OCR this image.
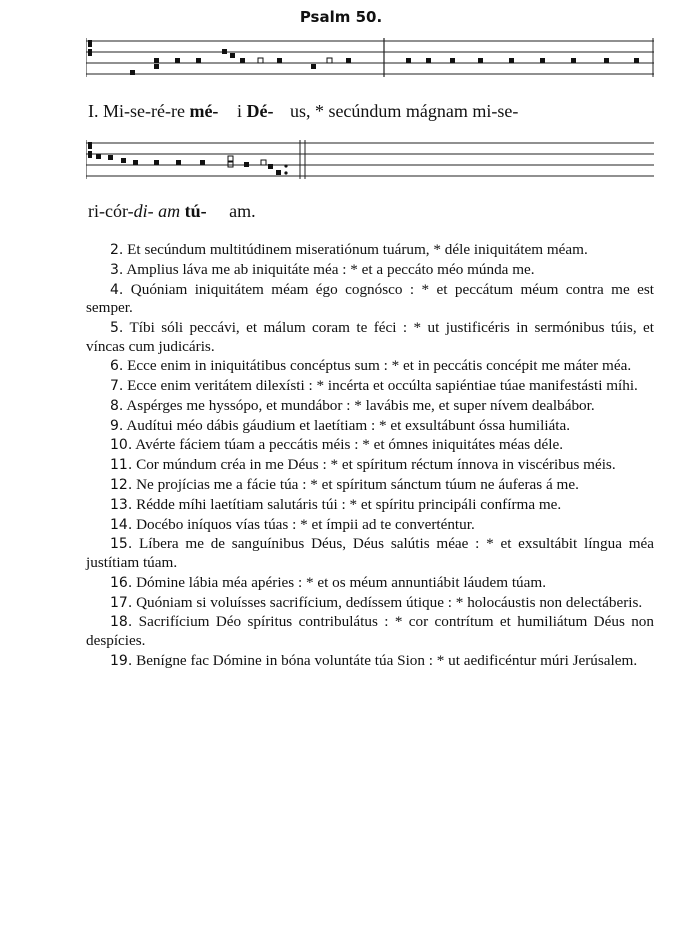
Psalm 50.
I. Mi-se-ré-re mé- i Dé- us, * secúndum mágnam mi-se-
ri-cór-di- am tú- am.
2. Et secúndum multitúdinem miseratiónum tuárum, * déle iniquitátem méam.
3. Amplius láva me ab iniquitáte méa : * et a peccáto méo múnda me.
4. Quóniam iniquitátem méam égo cognósco : * et peccátum méum contra me est semper.
5. Tíbi sóli peccávi, et málum coram te féci : * ut justificéris in sermónibus túis, et víncas cum judicáris.
6. Ecce enim in iniquitátibus concéptus sum : * et in peccátis concépit me máter méa.
7. Ecce enim veritátem dilexísti : * incérta et occúlta sapiéntiae túae manifestásti míhi.
8. Aspérges me hyssópo, et mundábor : * lavábis me, et super nívem dealbábor.
9. Audítui méo dábis gáudium et laetítiam : * et exsultábunt óssa humiliáta.
10. Avérte fáciem túam a peccátis méis : * et ómnes iniquitátes méas déle.
11. Cor múndum créa in me Déus : * et spíritum réctum ínnova in viscéribus méis.
12. Ne projícias me a fácie túa : * et spíritum sánctum túum ne áuferas á me.
13. Rédde míhi laetítiam salutáris túi : * et spíritu principáli confírma me.
14. Docébo iníquos vías túas : * et ímpii ad te converténtur.
15. Líbera me de sanguínibus Déus, Déus salútis méae : * et exsultábit língua méa justítiam túam.
16. Dómine lábia méa apéries : * et os méum annuntiábit láudem túam.
17. Quóniam si voluísses sacrifícium, dedíssem útique : * holocáustis non delectáberis.
18. Sacrifícium Déo spíritus contribulátus : * cor contrítum et humiliátum Déus non despícies.
19. Benígne fac Dómine in bóna voluntáte túa Sion : * ut aedificéntur múri Jerúsalem.
